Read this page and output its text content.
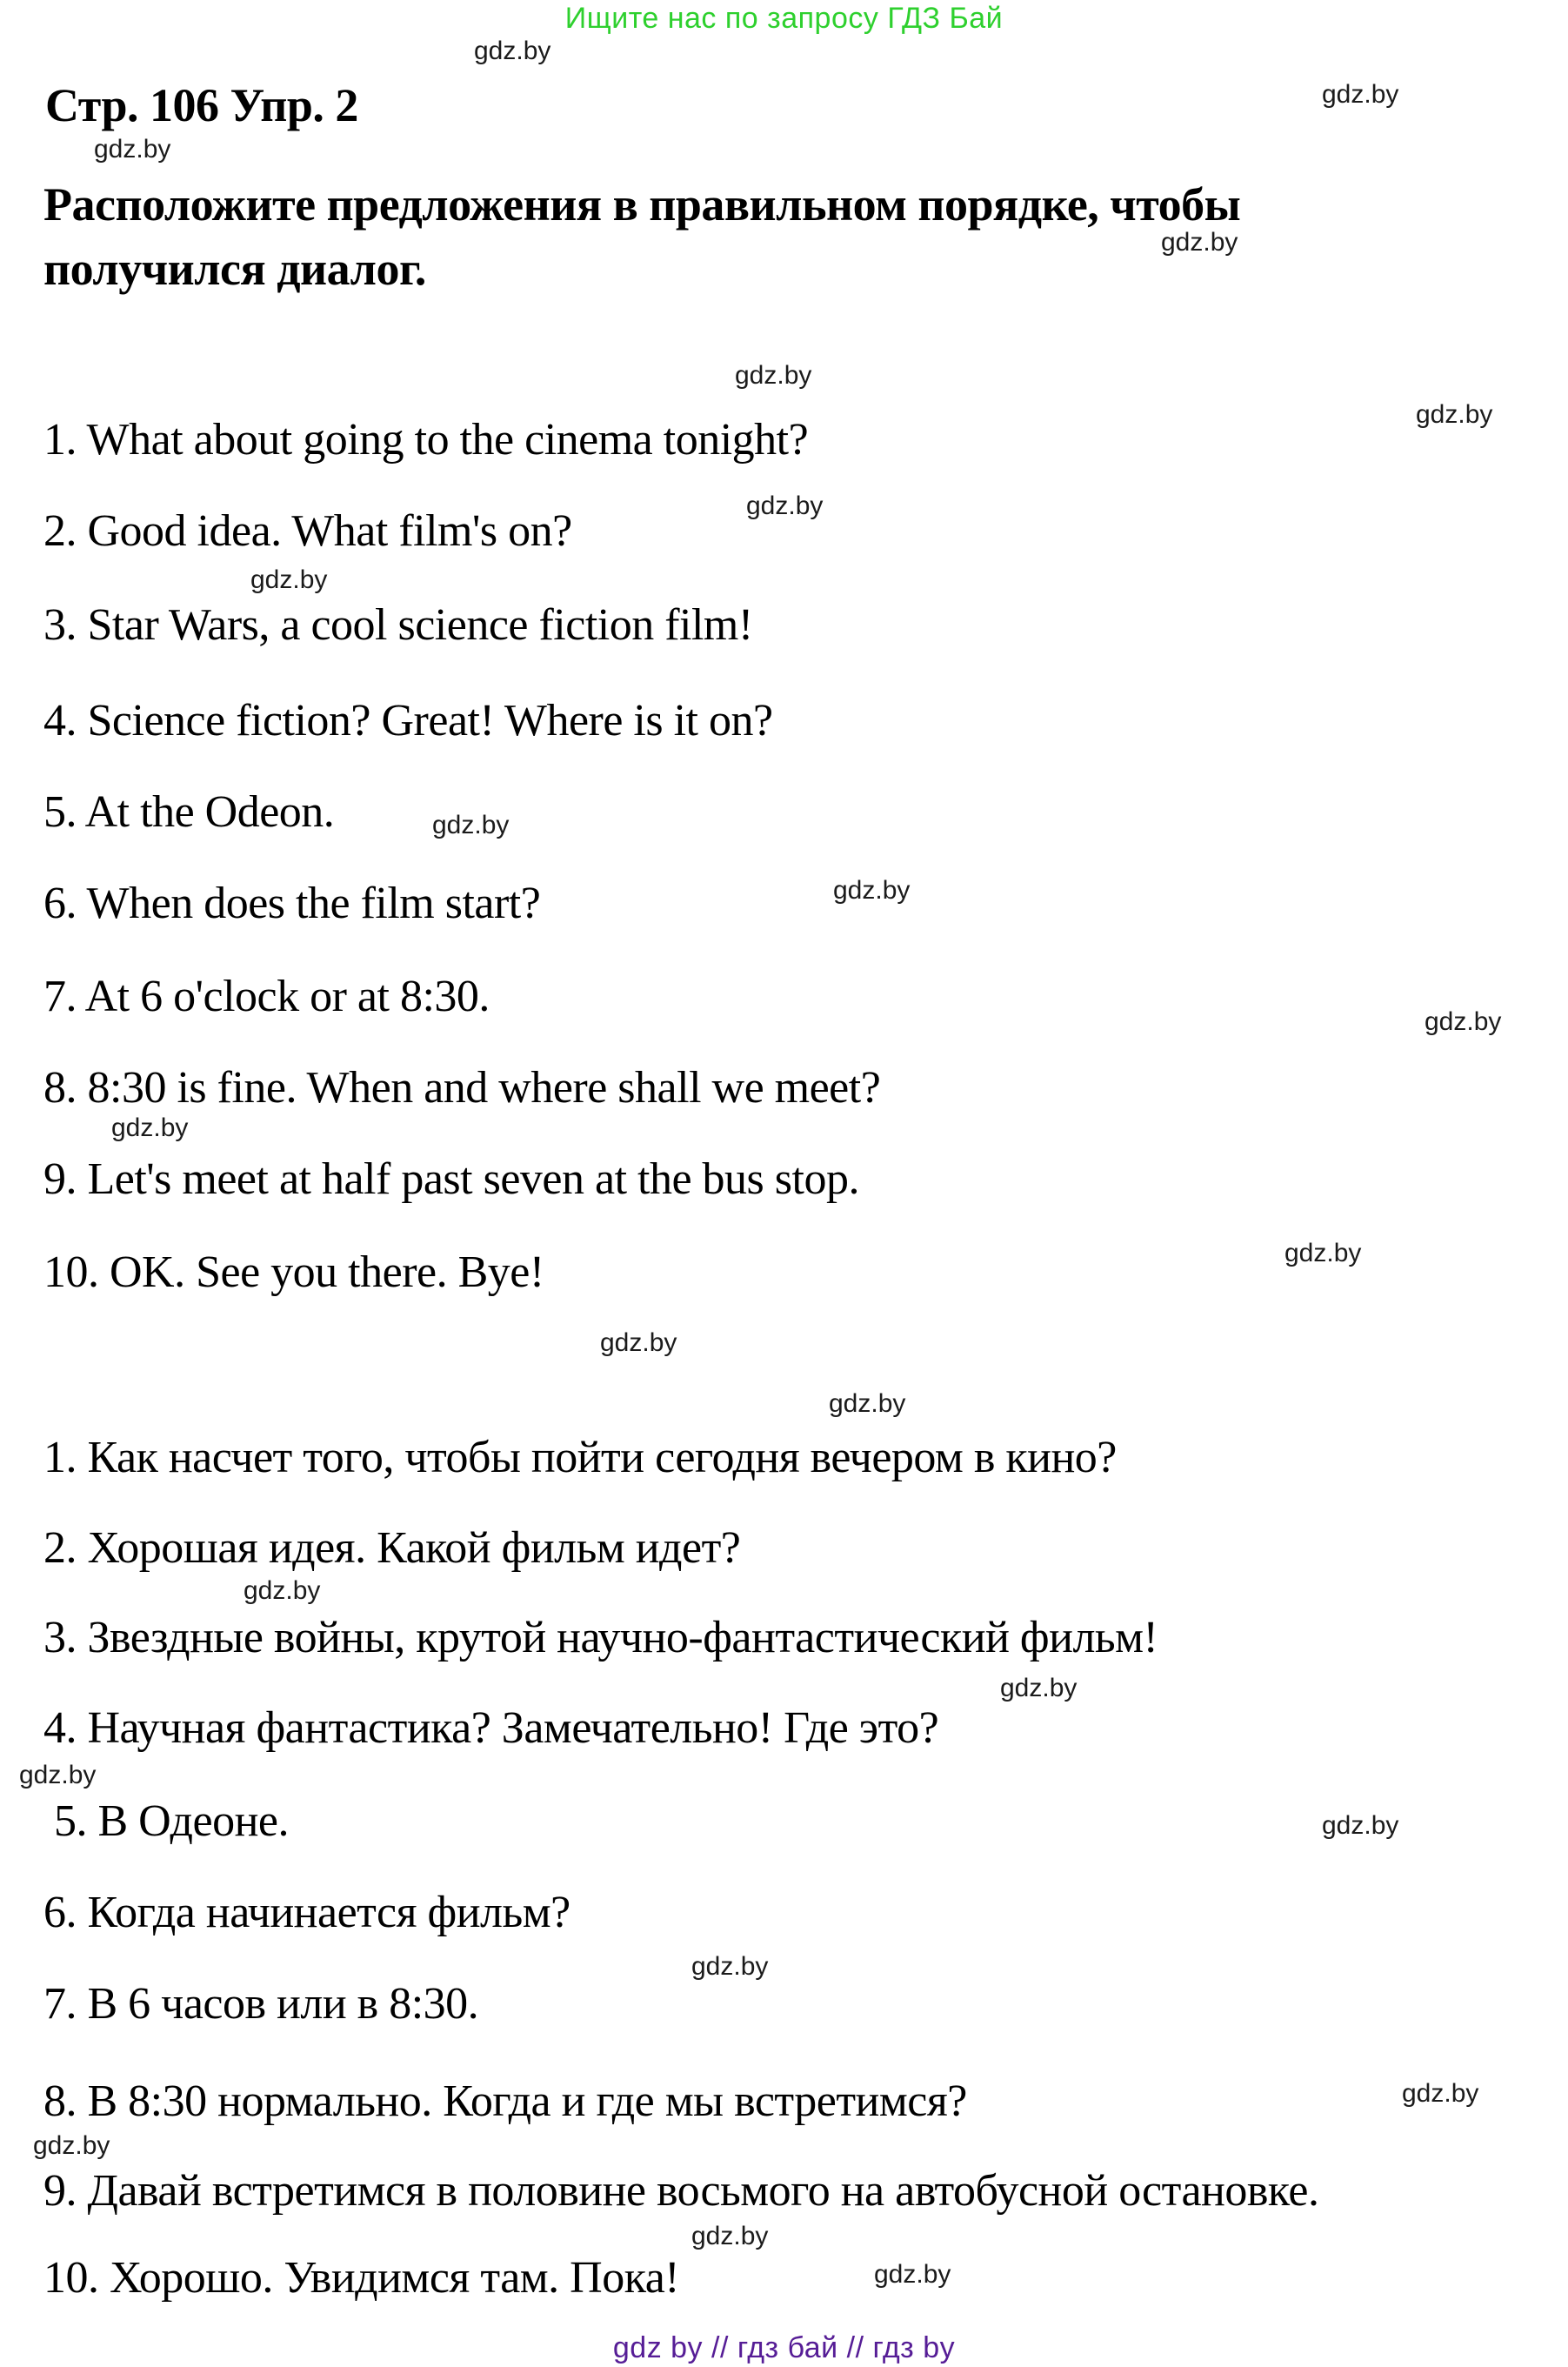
Ищите нас по запросу ГДЗ Бай
gdz.by
gdz.by
gdz.by
gdz.by
gdz.by
gdz.by
gdz.by
gdz.by
gdz.by
gdz.by
gdz.by
gdz.by
gdz.by
gdz.by
gdz.by
gdz.by
gdz.by
gdz.by
gdz.by
gdz.by
gdz.by
gdz.by
gdz.by
gdz.by
Стр. 106 Упр. 2
Расположите предложения в правильном порядке, чтобы
получился диалог.
1. What about going to the cinema tonight?
2. Good idea. What film's on?
3. Star Wars, a cool science fiction film!
4. Science fiction? Great! Where is it on?
5. At the Odeon.
6. When does the film start?
7. At 6 o'clock or at 8:30.
8. 8:30 is fine. When and where shall we meet?
9. Let's meet at half past seven at the bus stop.
10. OK. See you there. Bye!
1. Как насчет того, чтобы пойти сегодня вечером в кино?
2. Хорошая идея. Какой фильм идет?
3. Звездные войны, крутой научно-фантастический фильм!
4. Научная фантастика? Замечательно! Где это?
5. В Одеоне.
6. Когда начинается фильм?
7. В 6 часов или в 8:30.
8. В 8:30 нормально. Когда и где мы встретимся?
9. Давай встретимся в половине восьмого на автобусной остановке.
10. Хорошо. Увидимся там. Пока!
gdz by // гдз бай // гдз by
